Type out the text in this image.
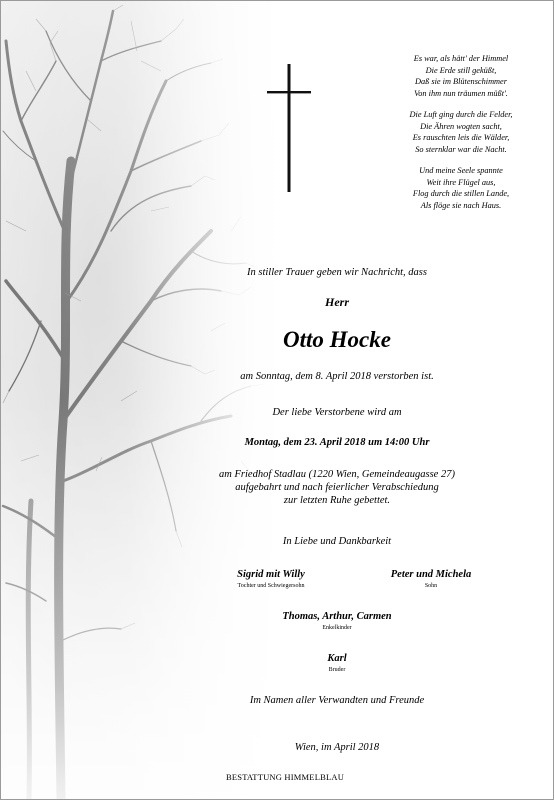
Es war, als hätt' der Himmel
Die Erde still geküßt,
Daß sie im Blütenschimmer
Von ihm nun träumen müßt'.
Die Luft ging durch die Felder,
Die Ähren wogten sacht,
Es rauschten leis die Wälder,
So sternklar war die Nacht.
Und meine Seele spannte
Weit ihre Flügel aus,
Flog durch die stillen Lande,
Als flöge sie nach Haus.
In stiller Trauer geben wir Nachricht, dass
Herr
Otto Hocke
am Sonntag, dem 8. April 2018 verstorben ist.
Der liebe Verstorbene wird am
Montag, dem 23. April 2018 um 14:00 Uhr
am Friedhof Stadlau (1220 Wien, Gemeindeaugasse 27)
aufgebahrt und nach feierlicher Verabschiedung
zur letzten Ruhe gebettet.
In Liebe und Dankbarkeit
Sigrid mit Willy
Tochter und Schwiegersohn
Peter und Michela
Sohn
Thomas, Arthur, Carmen
Enkelkinder
Karl
Bruder
Im Namen aller Verwandten und Freunde
Wien, im April 2018
BESTATTUNG HIMMELBLAU
